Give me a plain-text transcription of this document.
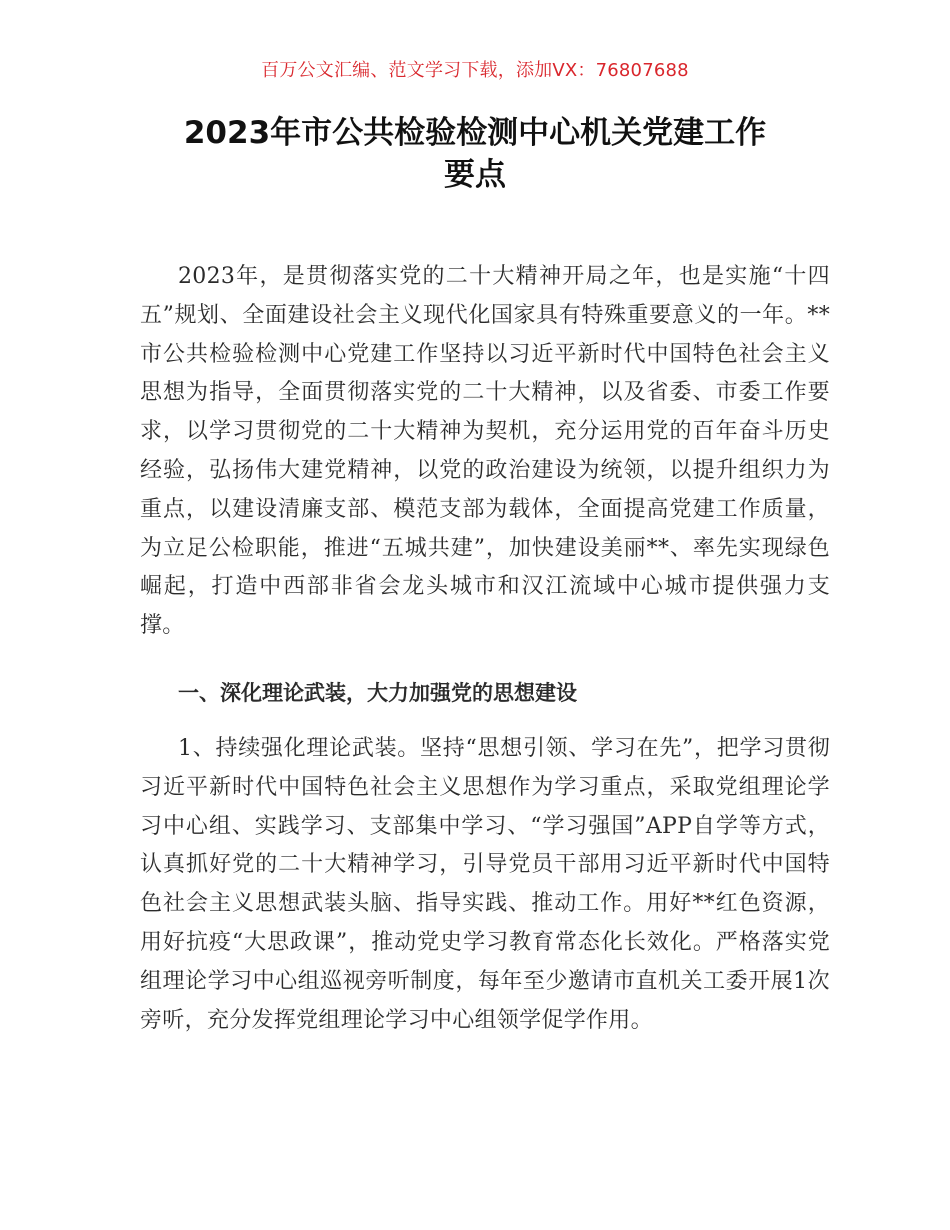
百万公文汇编、范文学习下载，添加VX：76807688
2023年市公共检验检测中心机关党建工作
要点

2023年，是贯彻落实党的二十大精神开局之年，也是实施“十四五”规划、全面建设社会主义现代化国家具有特殊重要意义的一年。**市公共检验检测中心党建工作坚持以习近平新时代中国特色社会主义思想为指导，全面贯彻落实党的二十大精神，以及省委、市委工作要求，以学习贯彻党的二十大精神为契机，充分运用党的百年奋斗历史经验，弘扬伟大建党精神，以党的政治建设为统领，以提升组织力为重点，以建设清廉支部、模范支部为载体，全面提高党建工作质量，为立足公检职能，推进“五城共建”，加快建设美丽**、率先实现绿色崛起，打造中西部非省会龙头城市和汉江流域中心城市提供强力支撑。

一、深化理论武装，大力加强党的思想建设

1、持续强化理论武装。坚持“思想引领、学习在先”，把学习贯彻习近平新时代中国特色社会主义思想作为学习重点，采取党组理论学习中心组、实践学习、支部集中学习、“学习强国”APP自学等方式，认真抓好党的二十大精神学习，引导党员干部用习近平新时代中国特色社会主义思想武装头脑、指导实践、推动工作。用好**红色资源，用好抗疫“大思政课”，推动党史学习教育常态化长效化。严格落实党组理论学习中心组巡视旁听制度，每年至少邀请市直机关工委开展1次旁听，充分发挥党组理论学习中心组领学促学作用。
